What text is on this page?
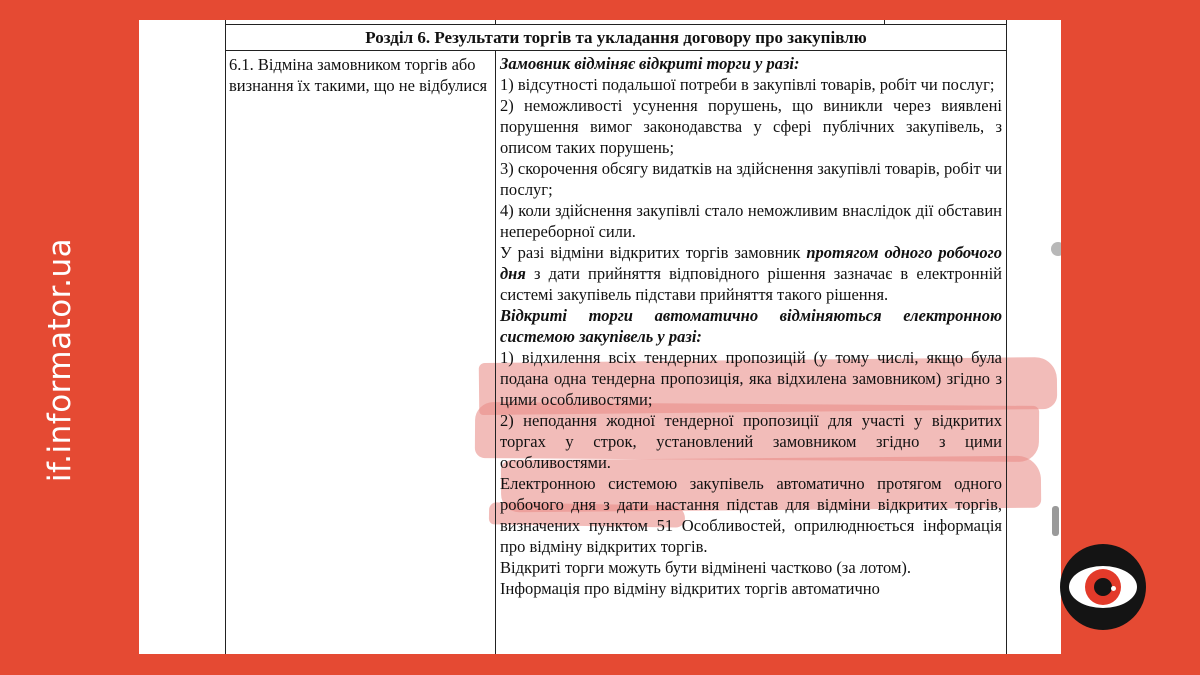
if.informator.ua
Розділ 6. Результати торгів та укладання договору про закупівлю
6.1. Відміна замовником торгів або визнання їх такими, що не відбулися

Замовник відміняє відкриті торги у разі:

1) відсутності подальшої потреби в закупівлі товарів, робіт чи послуг;

2) неможливості усунення порушень, що виникли через виявлені порушення вимог законодавства у сфері публічних закупівель, з описом таких порушень;

3) скорочення обсягу видатків на здійснення закупівлі товарів, робіт чи послуг;

4) коли здійснення закупівлі стало неможливим внаслідок дії обставин непереборної сили.

У разі відміни відкритих торгів замовник протягом одного робочого дня з дати прийняття відповідного рішення зазначає в електронній системі закупівель підстави прийняття такого рішення.

Відкриті торги автоматично відміняються електронною системою закупівель у разі:

1) відхилення всіх тендерних пропозицій (у тому числі, якщо була подана одна тендерна пропозиція, яка відхилена замовником) згідно з цими особливостями;

2) неподання жодної тендерної пропозиції для участі у відкритих торгах у строк, установлений замовником згідно з цими особливостями.

Електронною системою закупівель автоматично протягом одного робочого дня з дати настання підстав для відміни відкритих торгів, визначених пунктом 51 Особливостей, оприлюднюється інформація про відміну відкритих торгів.

Відкриті торги можуть бути відмінені частково (за лотом).

Інформація про відміну відкритих торгів автоматично
